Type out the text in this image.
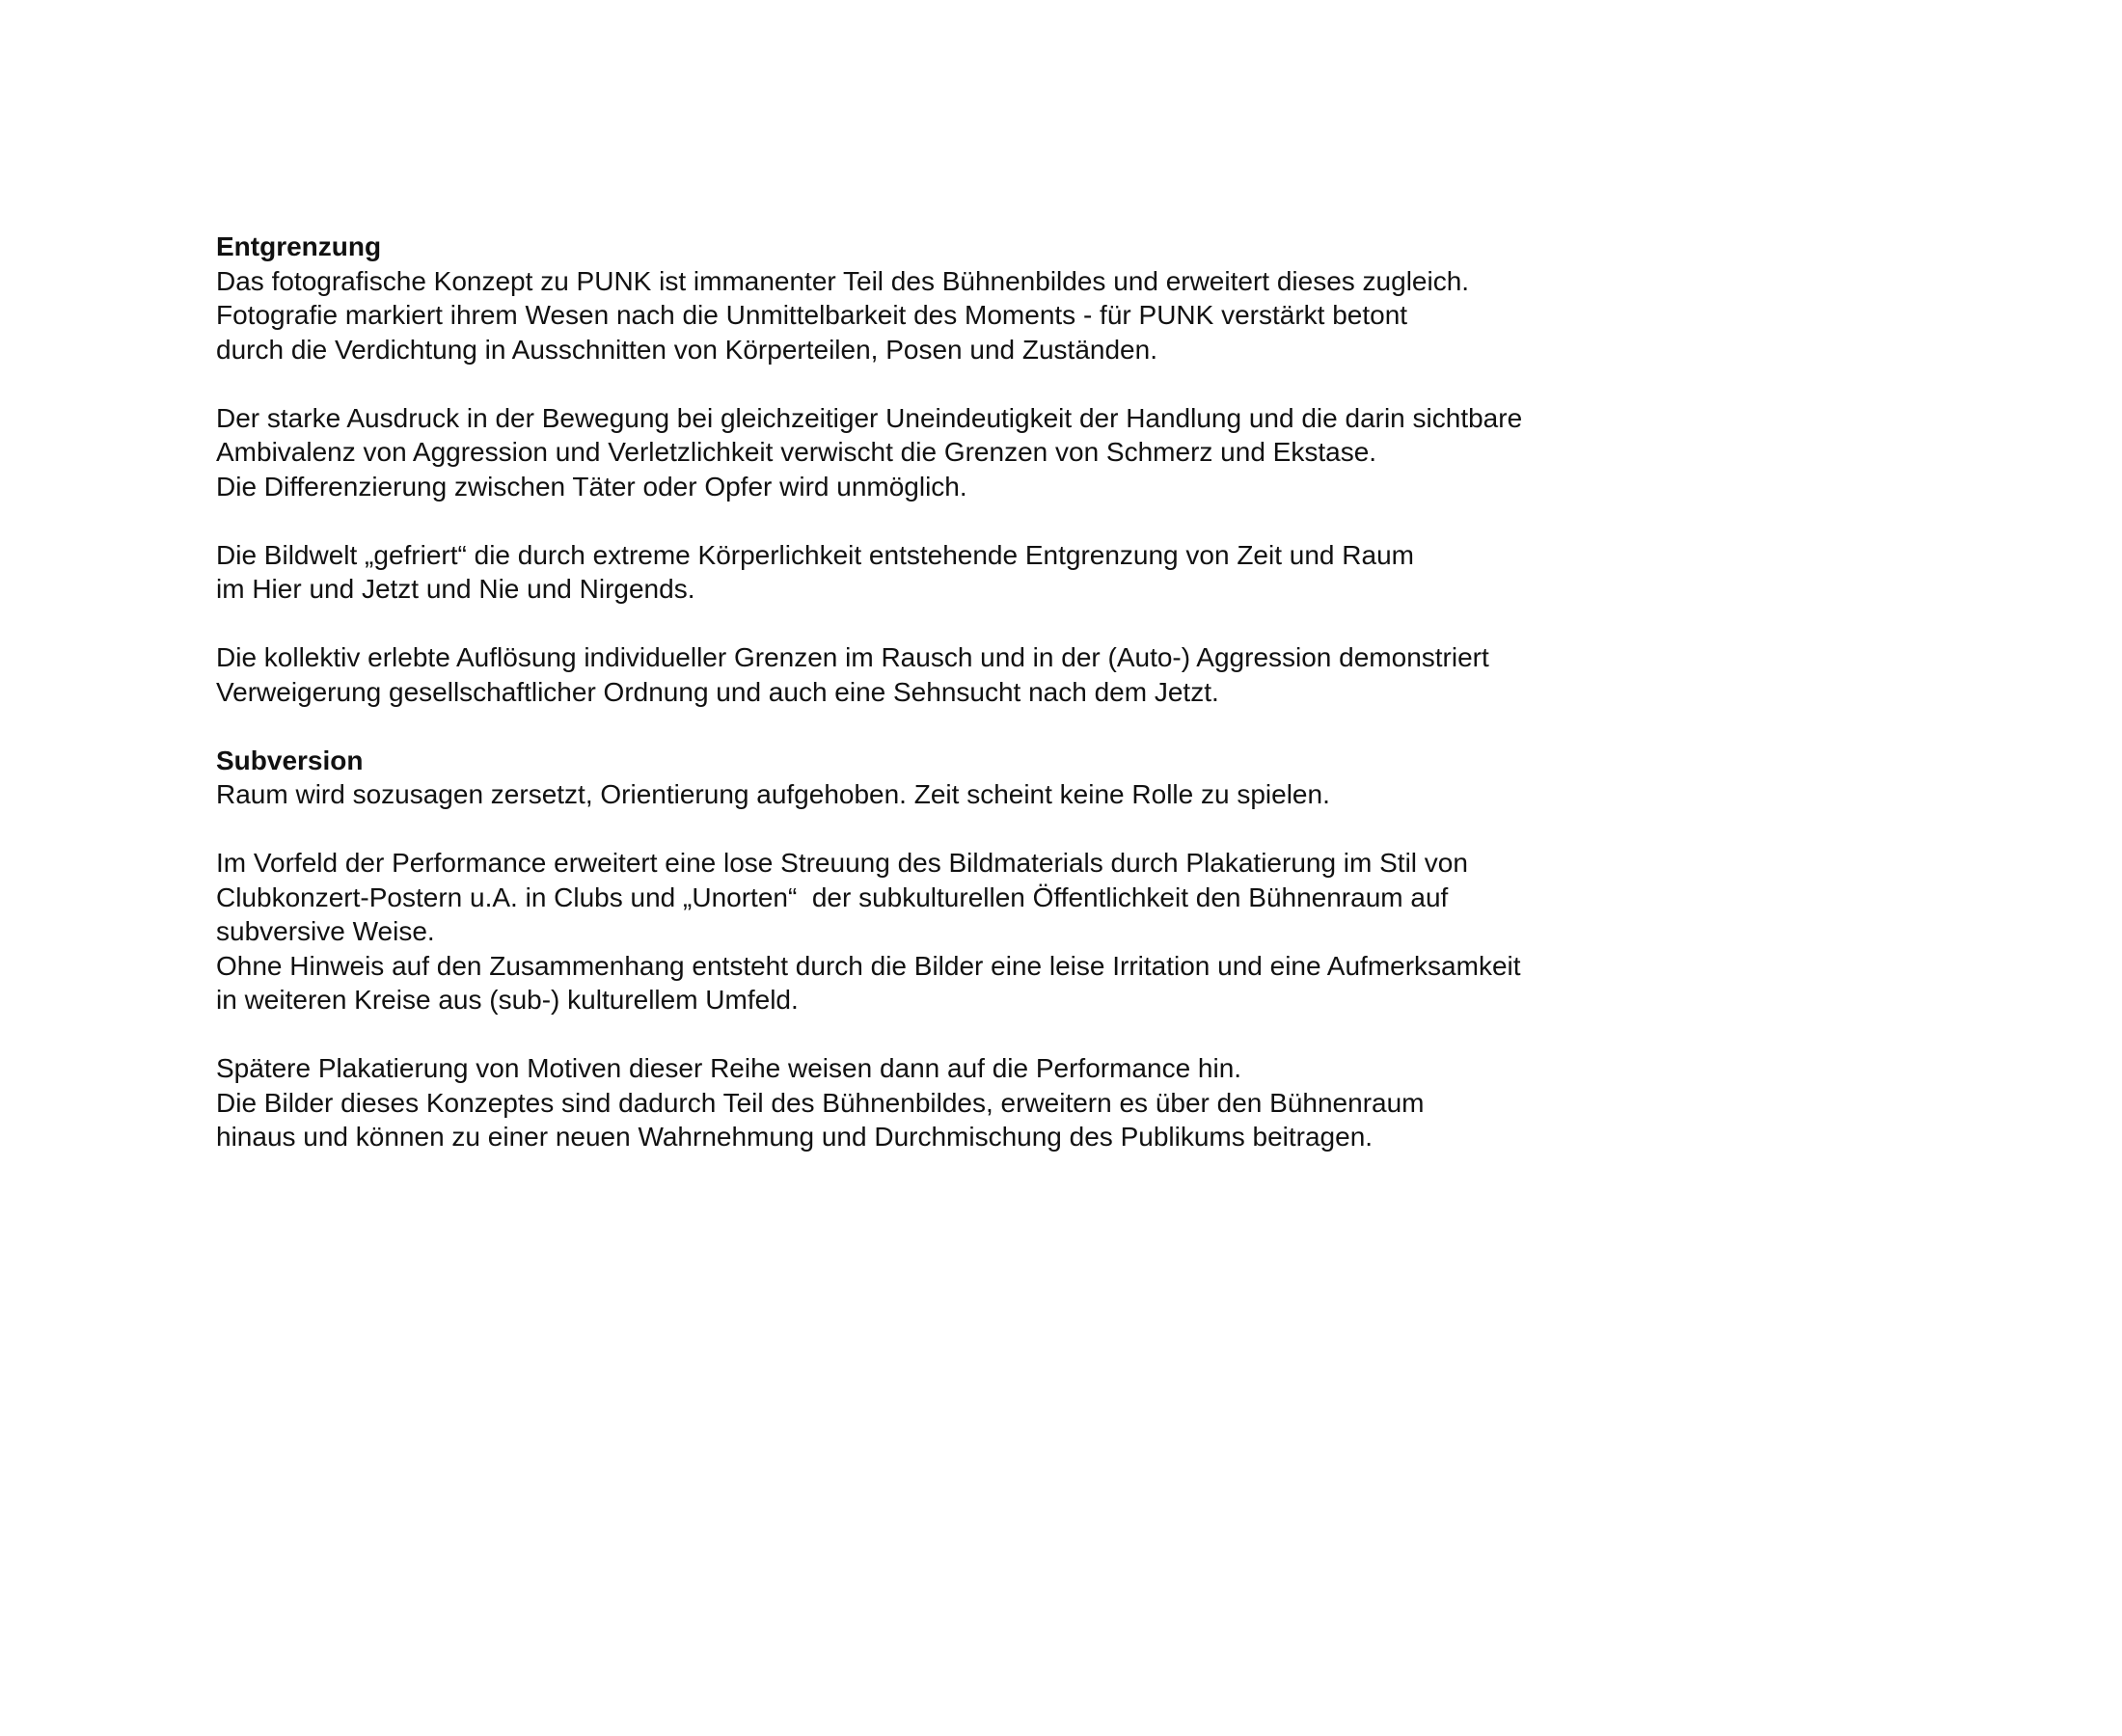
Entgrenzung
Das fotografische Konzept zu PUNK ist immanenter Teil des Bühnenbildes und erweitert dieses zugleich.
Fotografie markiert ihrem Wesen nach die Unmittelbarkeit des Moments - für PUNK verstärkt betont
durch die Verdichtung in Ausschnitten von Körperteilen, Posen und Zuständen.
Der starke Ausdruck in der Bewegung bei gleichzeitiger Uneindeutigkeit der Handlung und die darin sichtbare
Ambivalenz von Aggression und Verletzlichkeit verwischt die Grenzen von Schmerz und Ekstase.
Die Differenzierung zwischen Täter oder Opfer wird unmöglich.
Die Bildwelt „gefriert“ die durch extreme Körperlichkeit entstehende Entgrenzung von Zeit und Raum
im Hier und Jetzt und Nie und Nirgends.
Die kollektiv erlebte Auflösung individueller Grenzen im Rausch und in der (Auto-) Aggression demonstriert
Verweigerung gesellschaftlicher Ordnung und auch eine Sehnsucht nach dem Jetzt.
Subversion
Raum wird sozusagen zersetzt, Orientierung aufgehoben. Zeit scheint keine Rolle zu spielen.
Im Vorfeld der Performance erweitert eine lose Streuung des Bildmaterials durch Plakatierung im Stil von
Clubkonzert-Postern u.A. in Clubs und „Unorten“  der subkulturellen Öffentlichkeit den Bühnenraum auf
subversive Weise.
Ohne Hinweis auf den Zusammenhang entsteht durch die Bilder eine leise Irritation und eine Aufmerksamkeit
in weiteren Kreise aus (sub-) kulturellem Umfeld.
Spätere Plakatierung von Motiven dieser Reihe weisen dann auf die Performance hin.
Die Bilder dieses Konzeptes sind dadurch Teil des Bühnenbildes, erweitern es über den Bühnenraum
hinaus und können zu einer neuen Wahrnehmung und Durchmischung des Publikums beitragen.
